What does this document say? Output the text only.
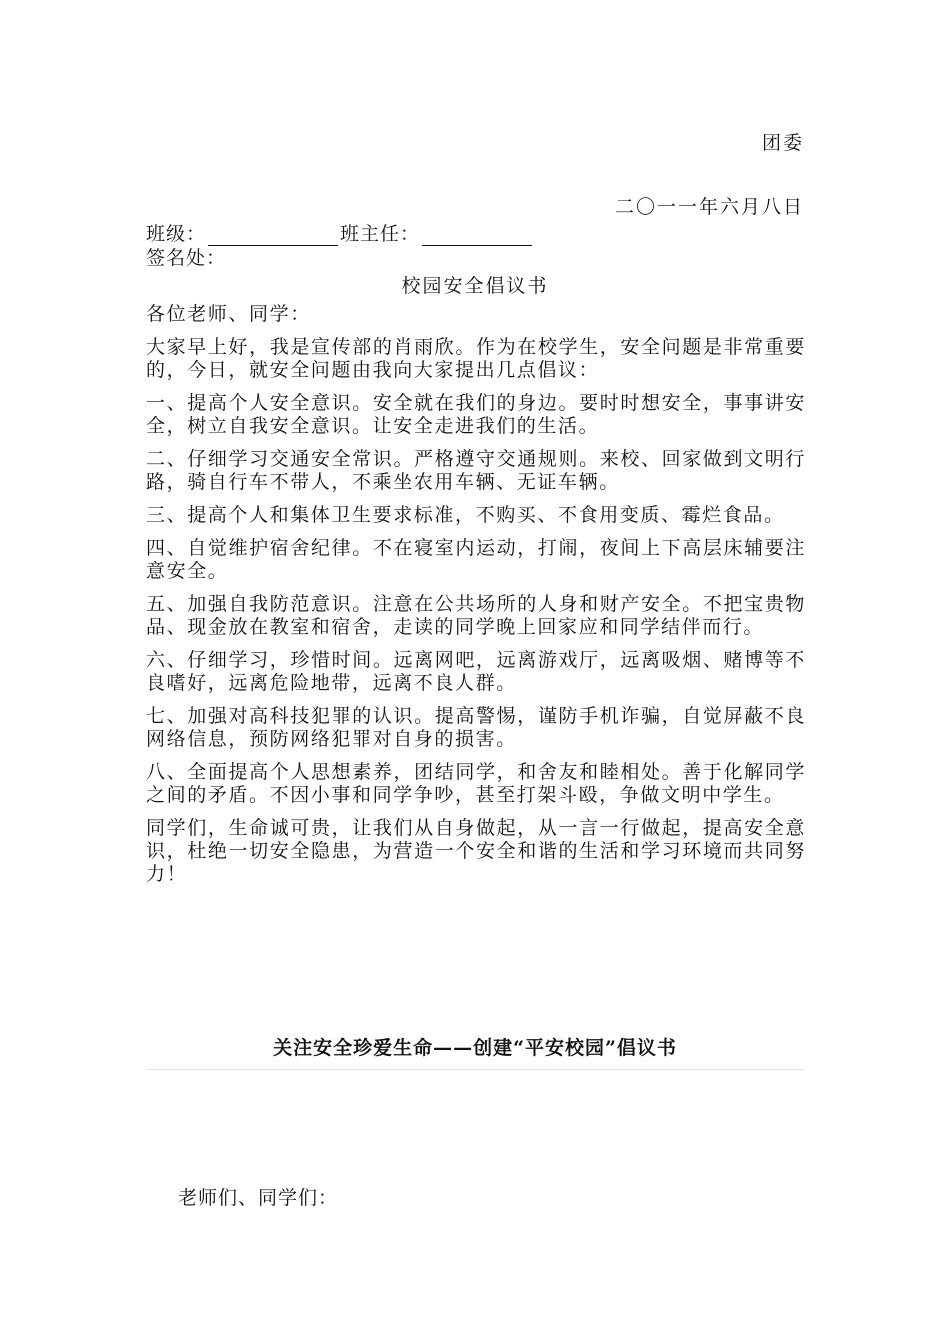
团委
二〇一一年六月八日
班级：	班主任：
签名处：
校园安全倡议书

各位老师、同学：

大家早上好，我是宣传部的肖雨欣。作为在校学生，安全问题是非常重要的，今日，就安全问题由我向大家提出几点倡议：

一、提高个人安全意识。安全就在我们的身边。要时时想安全，事事讲安全，树立自我安全意识。让安全走进我们的生活。

二、仔细学习交通安全常识。严格遵守交通规则。来校、回家做到文明行路，骑自行车不带人，不乘坐农用车辆、无证车辆。

三、提高个人和集体卫生要求标准，不购买、不食用变质、霉烂食品。

四、自觉维护宿舍纪律。不在寝室内运动，打闹，夜间上下高层床辅要注意安全。

五、加强自我防范意识。注意在公共场所的人身和财产安全。不把宝贵物品、现金放在教室和宿舍，走读的同学晚上回家应和同学结伴而行。

六、仔细学习，珍惜时间。远离网吧，远离游戏厅，远离吸烟、赌博等不良嗜好，远离危险地带，远离不良人群。

七、加强对高科技犯罪的认识。提高警惕，谨防手机诈骗，自觉屏蔽不良网络信息，预防网络犯罪对自身的损害。

八、全面提高个人思想素养，团结同学，和舍友和睦相处。善于化解同学之间的矛盾。不因小事和同学争吵，甚至打架斗殴，争做文明中学生。

同学们，生命诚可贵，让我们从自身做起，从一言一行做起，提高安全意识，杜绝一切安全隐患，为营造一个安全和谐的生活和学习环境而共同努力！

关注安全珍爱生命——创建“平安校园”倡议书
老师们、同学们：
